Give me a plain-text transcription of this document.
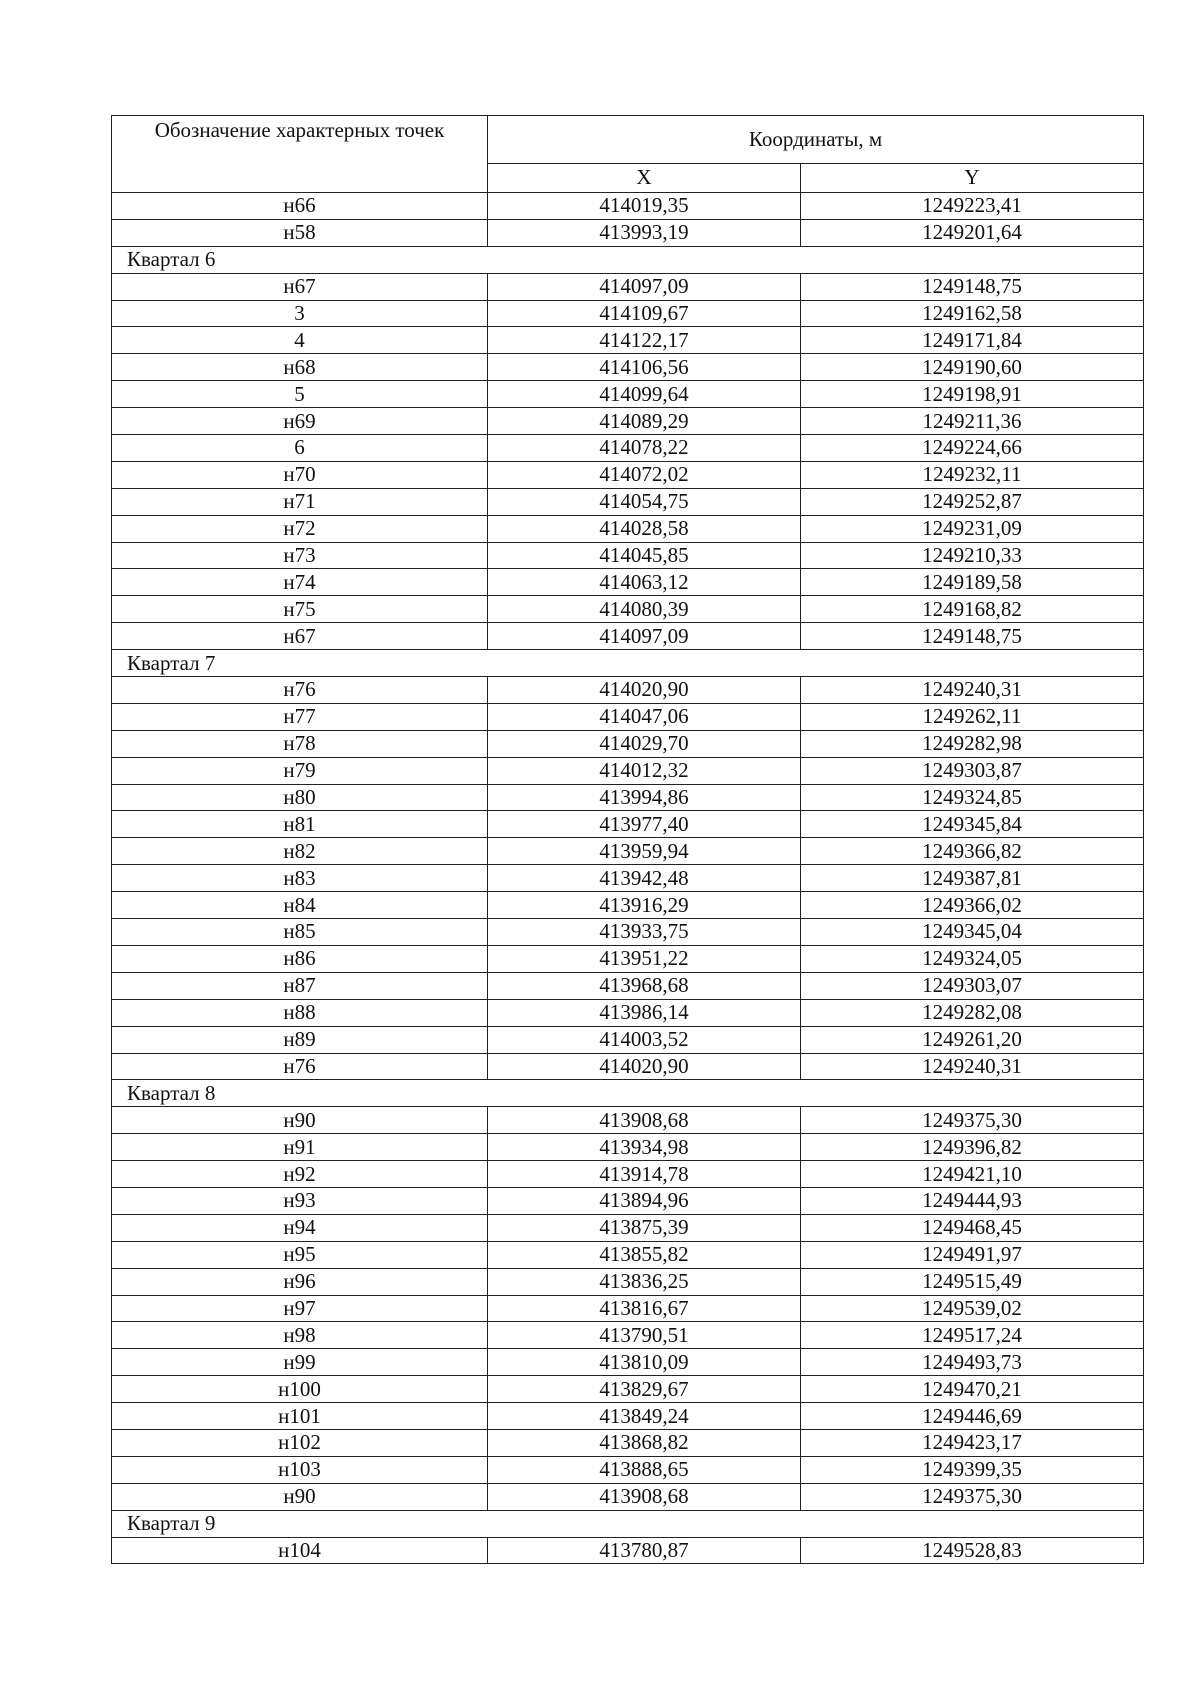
Обозначение характерных точек	Координаты, м	
	X	Y
н66	414019,35	1249223,41
н58	413993,19	1249201,64
Квартал 6		
н67	414097,09	1249148,75
3	414109,67	1249162,58
4	414122,17	1249171,84
н68	414106,56	1249190,60
5	414099,64	1249198,91
н69	414089,29	1249211,36
6	414078,22	1249224,66
н70	414072,02	1249232,11
н71	414054,75	1249252,87
н72	414028,58	1249231,09
н73	414045,85	1249210,33
н74	414063,12	1249189,58
н75	414080,39	1249168,82
н67	414097,09	1249148,75
Квартал 7		
н76	414020,90	1249240,31
н77	414047,06	1249262,11
н78	414029,70	1249282,98
н79	414012,32	1249303,87
н80	413994,86	1249324,85
н81	413977,40	1249345,84
н82	413959,94	1249366,82
н83	413942,48	1249387,81
н84	413916,29	1249366,02
н85	413933,75	1249345,04
н86	413951,22	1249324,05
н87	413968,68	1249303,07
н88	413986,14	1249282,08
н89	414003,52	1249261,20
н76	414020,90	1249240,31
Квартал 8		
н90	413908,68	1249375,30
н91	413934,98	1249396,82
н92	413914,78	1249421,10
н93	413894,96	1249444,93
н94	413875,39	1249468,45
н95	413855,82	1249491,97
н96	413836,25	1249515,49
н97	413816,67	1249539,02
н98	413790,51	1249517,24
н99	413810,09	1249493,73
н100	413829,67	1249470,21
н101	413849,24	1249446,69
н102	413868,82	1249423,17
н103	413888,65	1249399,35
н90	413908,68	1249375,30
Квартал 9		
н104	413780,87	1249528,83
